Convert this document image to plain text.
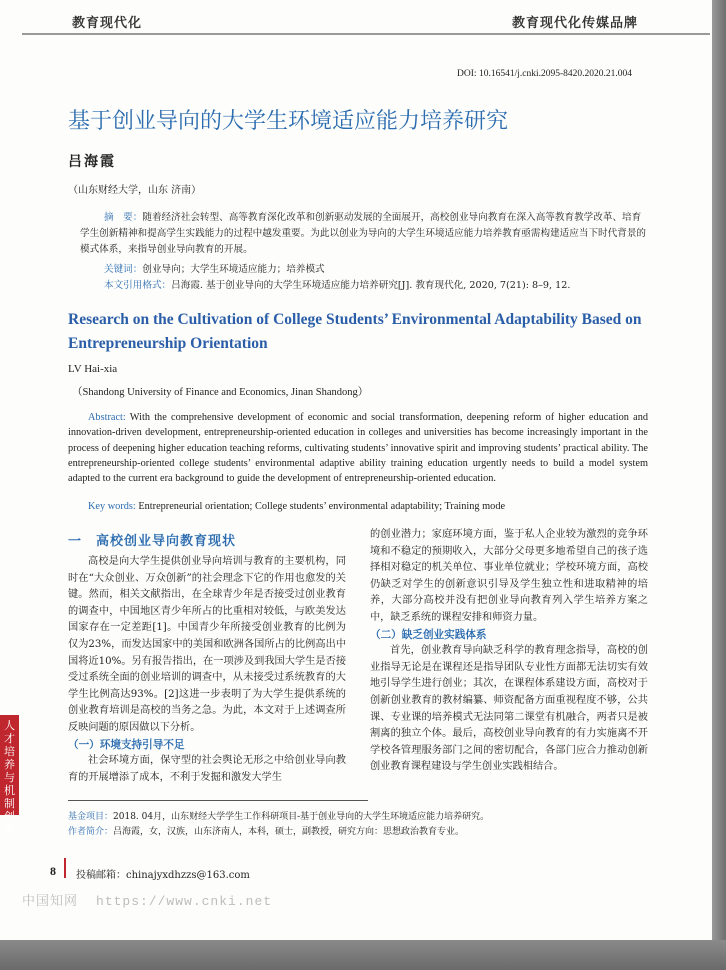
教育现代化	教育现代化传媒品牌
DOI: 10.16541/j.cnki.2095-8420.2020.21.004
基于创业导向的大学生环境适应能力培养研究
吕海霞
（山东财经大学，山东 济南）
摘　要：随着经济社会转型、高等教育深化改革和创新驱动发展的全面展开，高校创业导向教育在深入高等教育教学改革、培育学生创新精神和提高学生实践能力的过程中越发重要。为此以创业为导向的大学生环境适应能力培养教育亟需构建适应当下时代背景的模式体系，来指导创业导向教育的开展。
关键词：创业导向；大学生环境适应能力；培养模式
本文引用格式：吕海霞. 基于创业导向的大学生环境适应能力培养研究[J]. 教育现代化, 2020, 7(21): 8–9, 12.
Research on the Cultivation of College Students’ Environmental Adaptability Based on Entrepreneurship Orientation
LV Hai-xia
（Shandong University of Finance and Economics, Jinan Shandong）
Abstract: With the comprehensive development of economic and social transformation, deepening reform of higher education and innovation-driven development, entrepreneurship-oriented education in colleges and universities has become increasingly important in the process of deepening higher education teaching reforms, cultivating students’ innovative spirit and improving students’ practical ability. The entrepreneurship-oriented college students’ environmental adaptive ability training education urgently needs to build a model system adapted to the current era background to guide the development of entrepreneurship-oriented education.
Key words: Entrepreneurial orientation; College students’ environmental adaptability; Training mode
一　高校创业导向教育现状

高校是向大学生提供创业导向培训与教育的主要机构，同时在“大众创业、万众创新”的社会理念下它的作用也愈发的关键。然而，相关文献指出，在全球青少年是否接受过创业教育的调查中，中国地区青少年所占的比重相对较低，与欧美发达国家存在一定差距[1]。中国青少年所接受创业教育的比例为仅为23%，而发达国家中的美国和欧洲各国所占的比例高出中国将近10%。另有报告指出，在一项涉及到我国大学生是否接受过系统全面的创业培训的调查中，从未接受过系统教育的大学生比例高达93%。[2]这进一步表明了为大学生提供系统的创业教育培训是高校的当务之急。为此，本文对于上述调查所反映问题的原因做以下分析。

（一）环境支持引导不足

社会环境方面，保守型的社会舆论无形之中给创业导向教育的开展增添了成本，不利于发掘和激发大学生

的创业潜力；家庭环境方面，鉴于私人企业较为激烈的竞争环境和不稳定的预期收入，大部分父母更多地希望自己的孩子选择相对稳定的机关单位、事业单位就业；学校环境方面，高校仍缺乏对学生的创新意识引导及学生独立性和进取精神的培养，大部分高校并没有把创业导向教育列入学生培养方案之中，缺乏系统的课程安排和师资力量。

（二）缺乏创业实践体系

首先，创业教育导向缺乏科学的教育理念指导，高校的创业指导无论是在课程还是指导团队专业性方面都无法切实有效地引导学生进行创业；其次，在课程体系建设方面，高校对于创新创业教育的教材编纂、师资配备方面重视程度不够，公共课、专业课的培养模式无法同第二课堂有机融合，两者只是被割离的独立个体。最后，高校创业导向教育的有力实施离不开学校各管理服务部门之间的密切配合，各部门应合力推动创新创业教育课程建设与学生创业实践相结合。

人才培养与机制创新
基金项目：2018. 04月，山东财经大学学生工作科研项目-基于创业导向的大学生环境适应能力培养研究。
作者简介：吕海霞，女，汉族，山东济南人，本科，硕士，副教授，研究方向：思想政治教育专业。
8 投稿邮箱：chinajyxdhzzs@163.com
中国知网 https://www.cnki.net
